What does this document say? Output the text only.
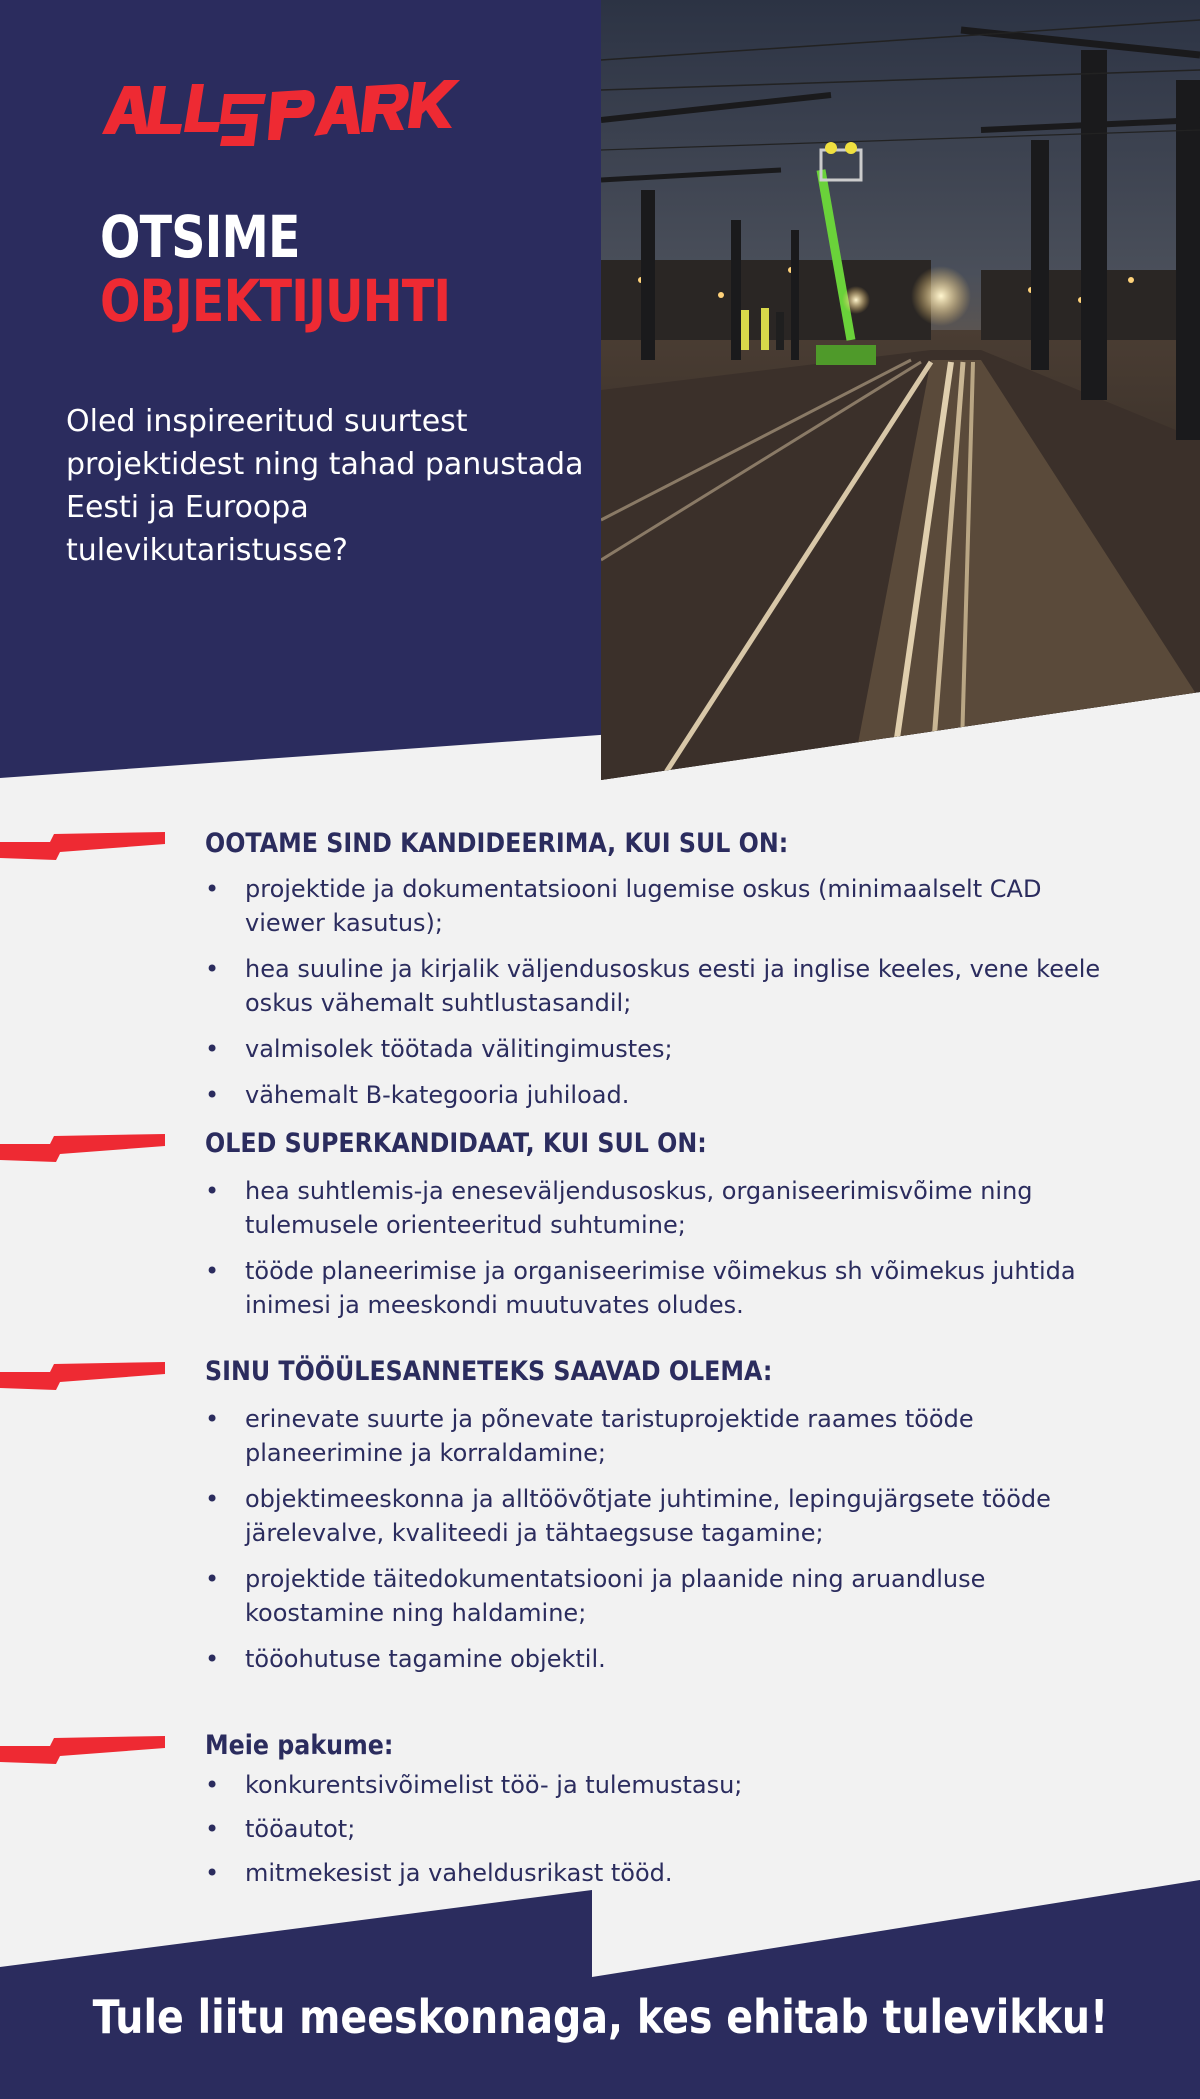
OTSIME
OBJEKTIJUHTI
Oled inspireeritud suurtest projektidest ning tahad panustada Eesti ja Euroopa tulevikutaristusse?
OOTAME SIND KANDIDEERIMA, KUI SUL ON:
• projektide ja dokumentatsiooni lugemise oskus (minimaalselt CAD viewer kasutus);
• hea suuline ja kirjalik väljendusoskus eesti ja inglise keeles, vene keele oskus vähemalt suhtlustasandil;
• valmisolek töötada välitingimustes;
• vähemalt B-kategooria juhiload.
OLED SUPERKANDIDAAT, KUI SUL ON:
• hea suhtlemis-ja eneseväljendusoskus, organiseerimisvõime ning tulemusele orienteeritud suhtumine;
• tööde planeerimise ja organiseerimise võimekus sh võimekus juhtida inimesi ja meeskondi muutuvates oludes.
SINU TÖÖÜLESANNETEKS SAAVAD OLEMA:
• erinevate suurte ja põnevate taristuprojektide raames tööde planeerimine ja korraldamine;
• objektimeeskonna ja alltöövõtjate juhtimine, lepingujärgsete tööde järelevalve, kvaliteedi ja tähtaegsuse tagamine;
• projektide täitedokumentatsiooni ja plaanide ning aruandluse koostamine ning haldamine;
• tööohutuse tagamine objektil.
Meie pakume:
• konkurentsivõimelist töö- ja tulemustasu;
• tööautot;
• mitmekesist ja vaheldusrikast tööd.
Tule liitu meeskonnaga, kes ehitab tulevikku!
